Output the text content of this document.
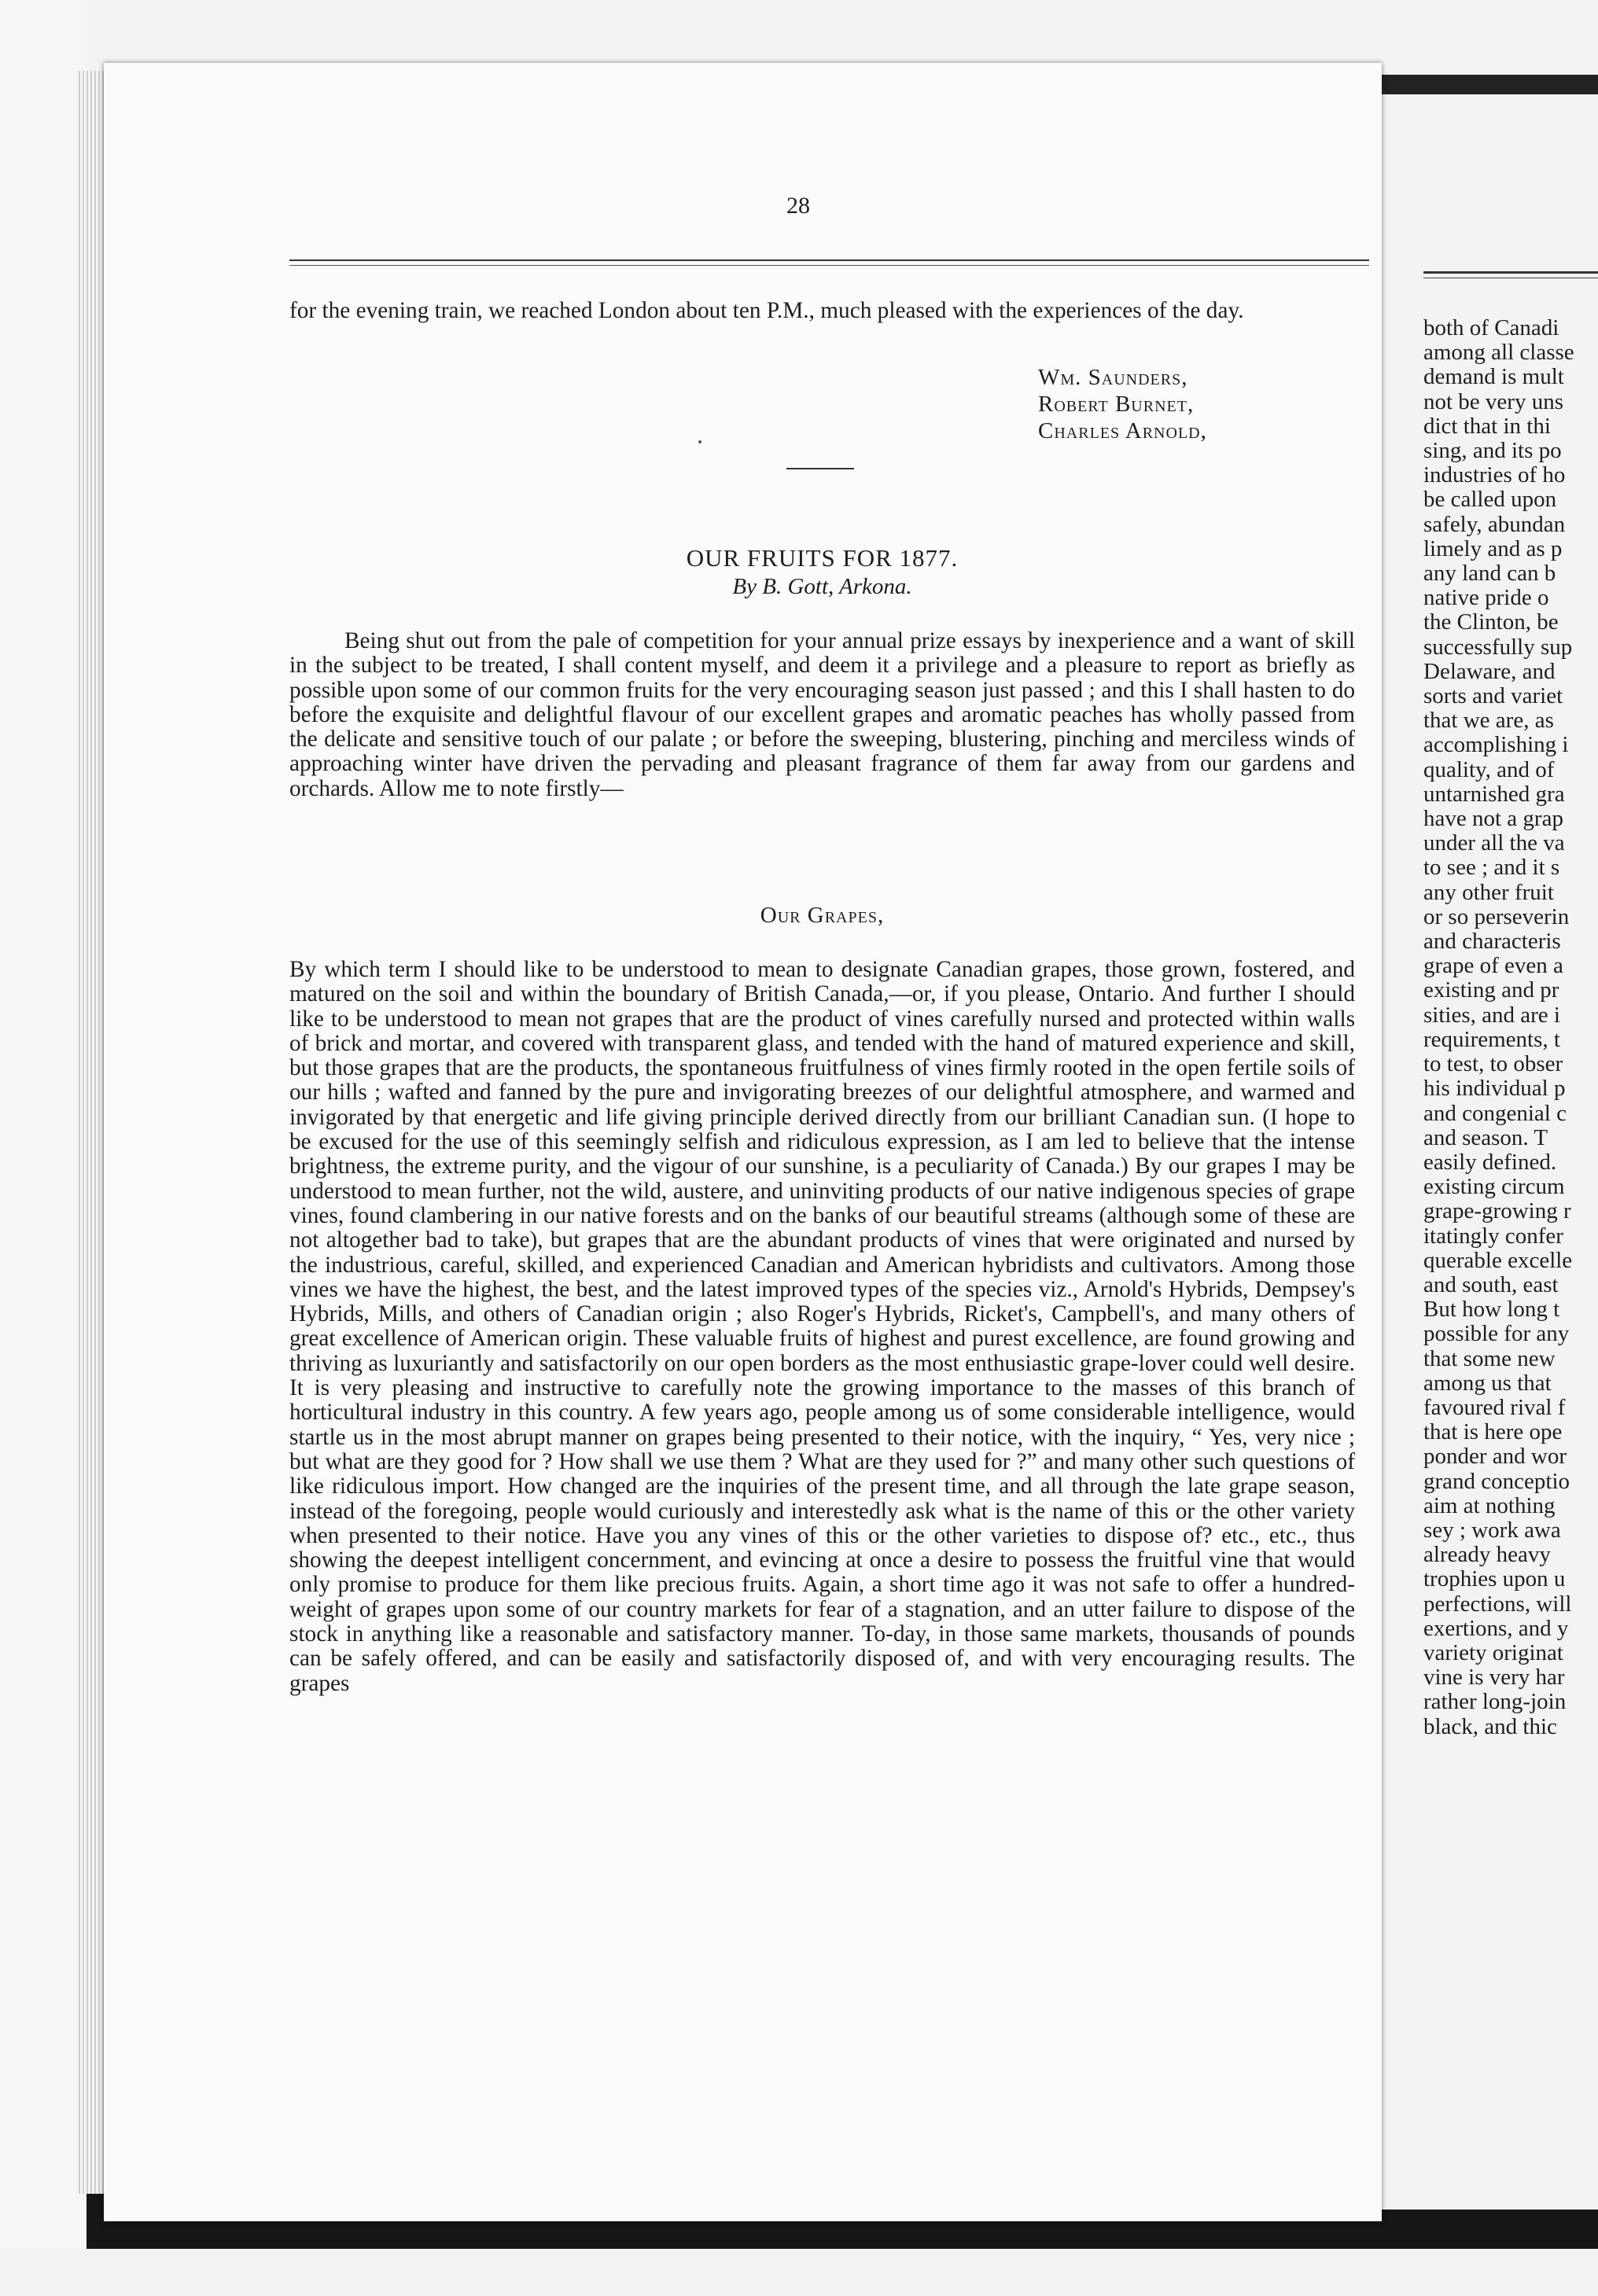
both of Canadi
among all classe
demand is mult
not be very uns
dict that in thi
sing, and its po
industries of ho
be called upon
safely, abundan
limely and as p
any land can b
native pride o
the Clinton, be
successfully sup
Delaware, and
sorts and variet
that we are, as
accomplishing i
quality, and of
untarnished gra
have not a grap
under all the va
to see ; and it s
any other fruit
or so perseverin
and characteris
grape of even a
existing and pr
sities, and are i
requirements, t
to test, to obser
his individual p
and congenial c
and season. T
easily defined.
existing circum
grape-growing r
itatingly confer
querable excelle
and south, east
But how long t
possible for any
that some new
among us that
favoured rival f
that is here ope
ponder and wor
grand conceptio
aim at nothing
sey ; work awa
already heavy
trophies upon u
perfections, will
exertions, and y
variety originat
vine is very har
rather long-join
black, and thic
28

for the evening train, we reached London about ten P.M., much pleased with the experiences of the day.

Wm. Saunders,
Robert Burnet,
Charles Arnold,
OUR FRUITS FOR 1877.

By B. Gott, Arkona.

Being shut out from the pale of competition for your annual prize essays by inexperience and a want of skill in the subject to be treated, I shall content myself, and deem it a privilege and a pleasure to report as briefly as possible upon some of our common fruits for the very encouraging season just passed ; and this I shall hasten to do before the exquisite and delightful flavour of our excellent grapes and aromatic peaches has wholly passed from the delicate and sensitive touch of our palate ; or before the sweeping, blustering, pinching and merciless winds of approaching winter have driven the pervading and pleasant fragrance of them far away from our gardens and orchards. Allow me to note firstly—

Our Grapes,

By which term I should like to be understood to mean to designate Canadian grapes, those grown, fostered, and matured on the soil and within the boundary of British Canada,—or, if you please, Ontario. And further I should like to be understood to mean not grapes that are the product of vines carefully nursed and protected within walls of brick and mortar, and covered with transparent glass, and tended with the hand of matured experience and skill, but those grapes that are the products, the spontaneous fruitfulness of vines firmly rooted in the open fertile soils of our hills ; wafted and fanned by the pure and invigorating breezes of our delightful atmosphere, and warmed and invigorated by that energetic and life giving principle derived directly from our brilliant Canadian sun. (I hope to be excused for the use of this seemingly selfish and ridiculous expression, as I am led to believe that the intense brightness, the extreme purity, and the vigour of our sunshine, is a peculiarity of Canada.) By our grapes I may be understood to mean further, not the wild, austere, and uninviting products of our native indigenous species of grape vines, found clambering in our native forests and on the banks of our beautiful streams (although some of these are not altogether bad to take), but grapes that are the abundant products of vines that were originated and nursed by the industrious, careful, skilled, and experienced Canadian and American hybridists and cultivators. Among those vines we have the highest, the best, and the latest improved types of the species viz., Arnold's Hybrids, Dempsey's Hybrids, Mills, and others of Canadian origin ; also Roger's Hybrids, Ricket's, Campbell's, and many others of great excellence of American origin. These valuable fruits of highest and purest excellence, are found growing and thriving as luxuriantly and satisfactorily on our open borders as the most enthusiastic grape-lover could well desire. It is very pleasing and instructive to carefully note the growing importance to the masses of this branch of horticultural industry in this country. A few years ago, people among us of some considerable intelligence, would startle us in the most abrupt manner on grapes being presented to their notice, with the inquiry, “ Yes, very nice ; but what are they good for ? How shall we use them ? What are they used for ?” and many other such questions of like ridiculous import. How changed are the inquiries of the present time, and all through the late grape season, instead of the foregoing, people would curiously and interestedly ask what is the name of this or the other variety when presented to their notice. Have you any vines of this or the other varieties to dispose of? etc., etc., thus showing the deepest intelligent concernment, and evincing at once a desire to possess the fruitful vine that would only promise to produce for them like precious fruits. Again, a short time ago it was not safe to offer a hundred-weight of grapes upon some of our country markets for fear of a stagnation, and an utter failure to dispose of the stock in anything like a reasonable and satisfactory manner. To-day, in those same markets, thousands of pounds can be safely offered, and can be easily and satisfactorily disposed of, and with very encouraging results. The grapes
